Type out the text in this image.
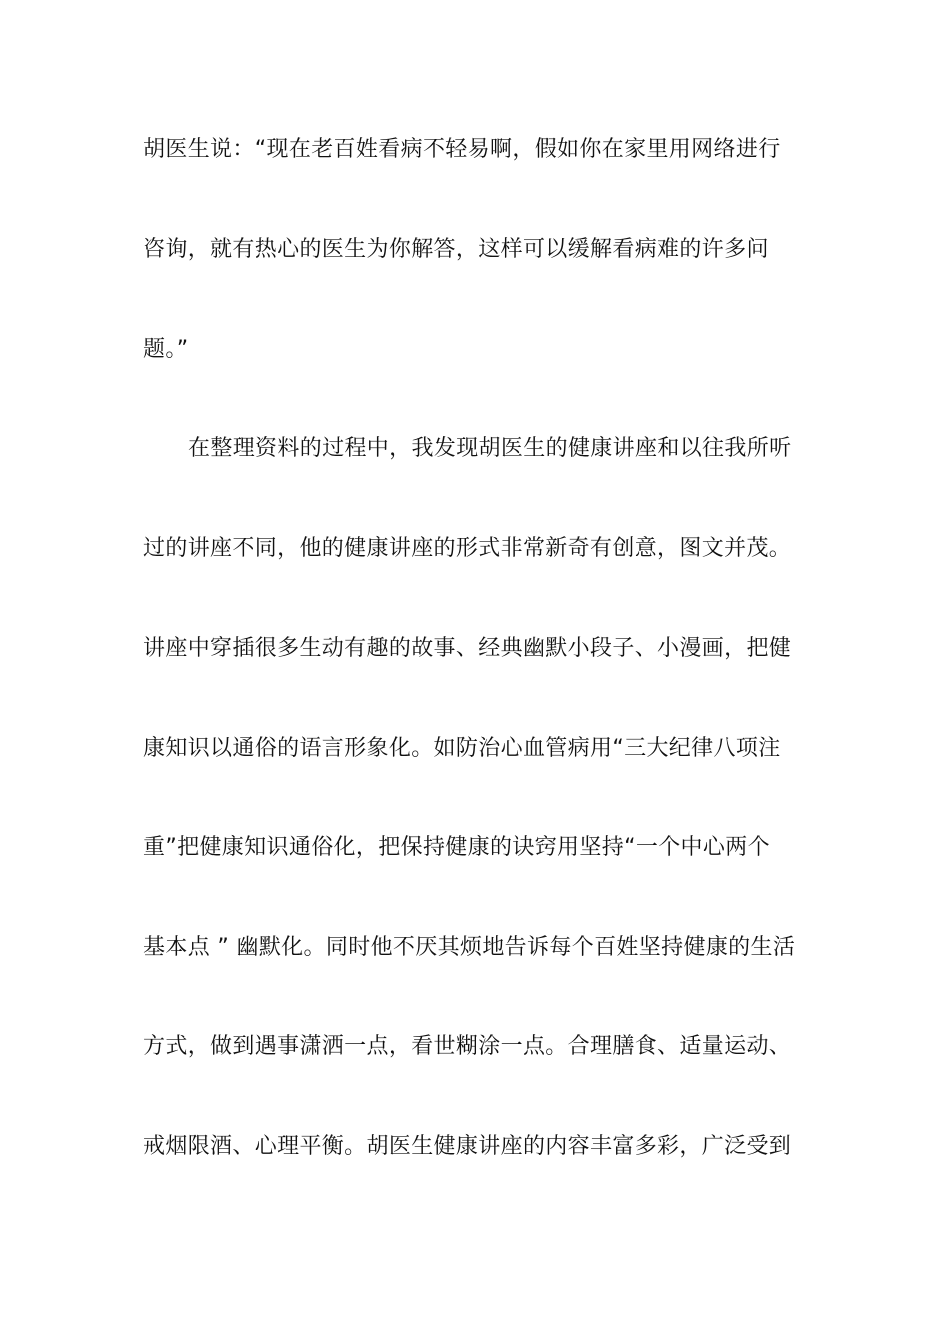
胡医生说：“现在老百姓看病不轻易啊，假如你在家里用网络进行
咨询，就有热心的医生为你解答，这样可以缓解看病难的许多问
题。”
在整理资料的过程中，我发现胡医生的健康讲座和以往我所听
过的讲座不同，他的健康讲座的形式非常新奇有创意，图文并茂。
讲座中穿插很多生动有趣的故事、经典幽默小段子、小漫画，把健
康知识以通俗的语言形象化。如防治心血管病用“三大纪律八项注
重”把健康知识通俗化，把保持健康的诀窍用坚持“一个中心两个
基本点 ” 幽默化。同时他不厌其烦地告诉每个百姓坚持健康的生活
方式，做到遇事潇洒一点，看世糊涂一点。合理膳食、适量运动、
戒烟限酒、心理平衡。胡医生健康讲座的内容丰富多彩，广泛受到
